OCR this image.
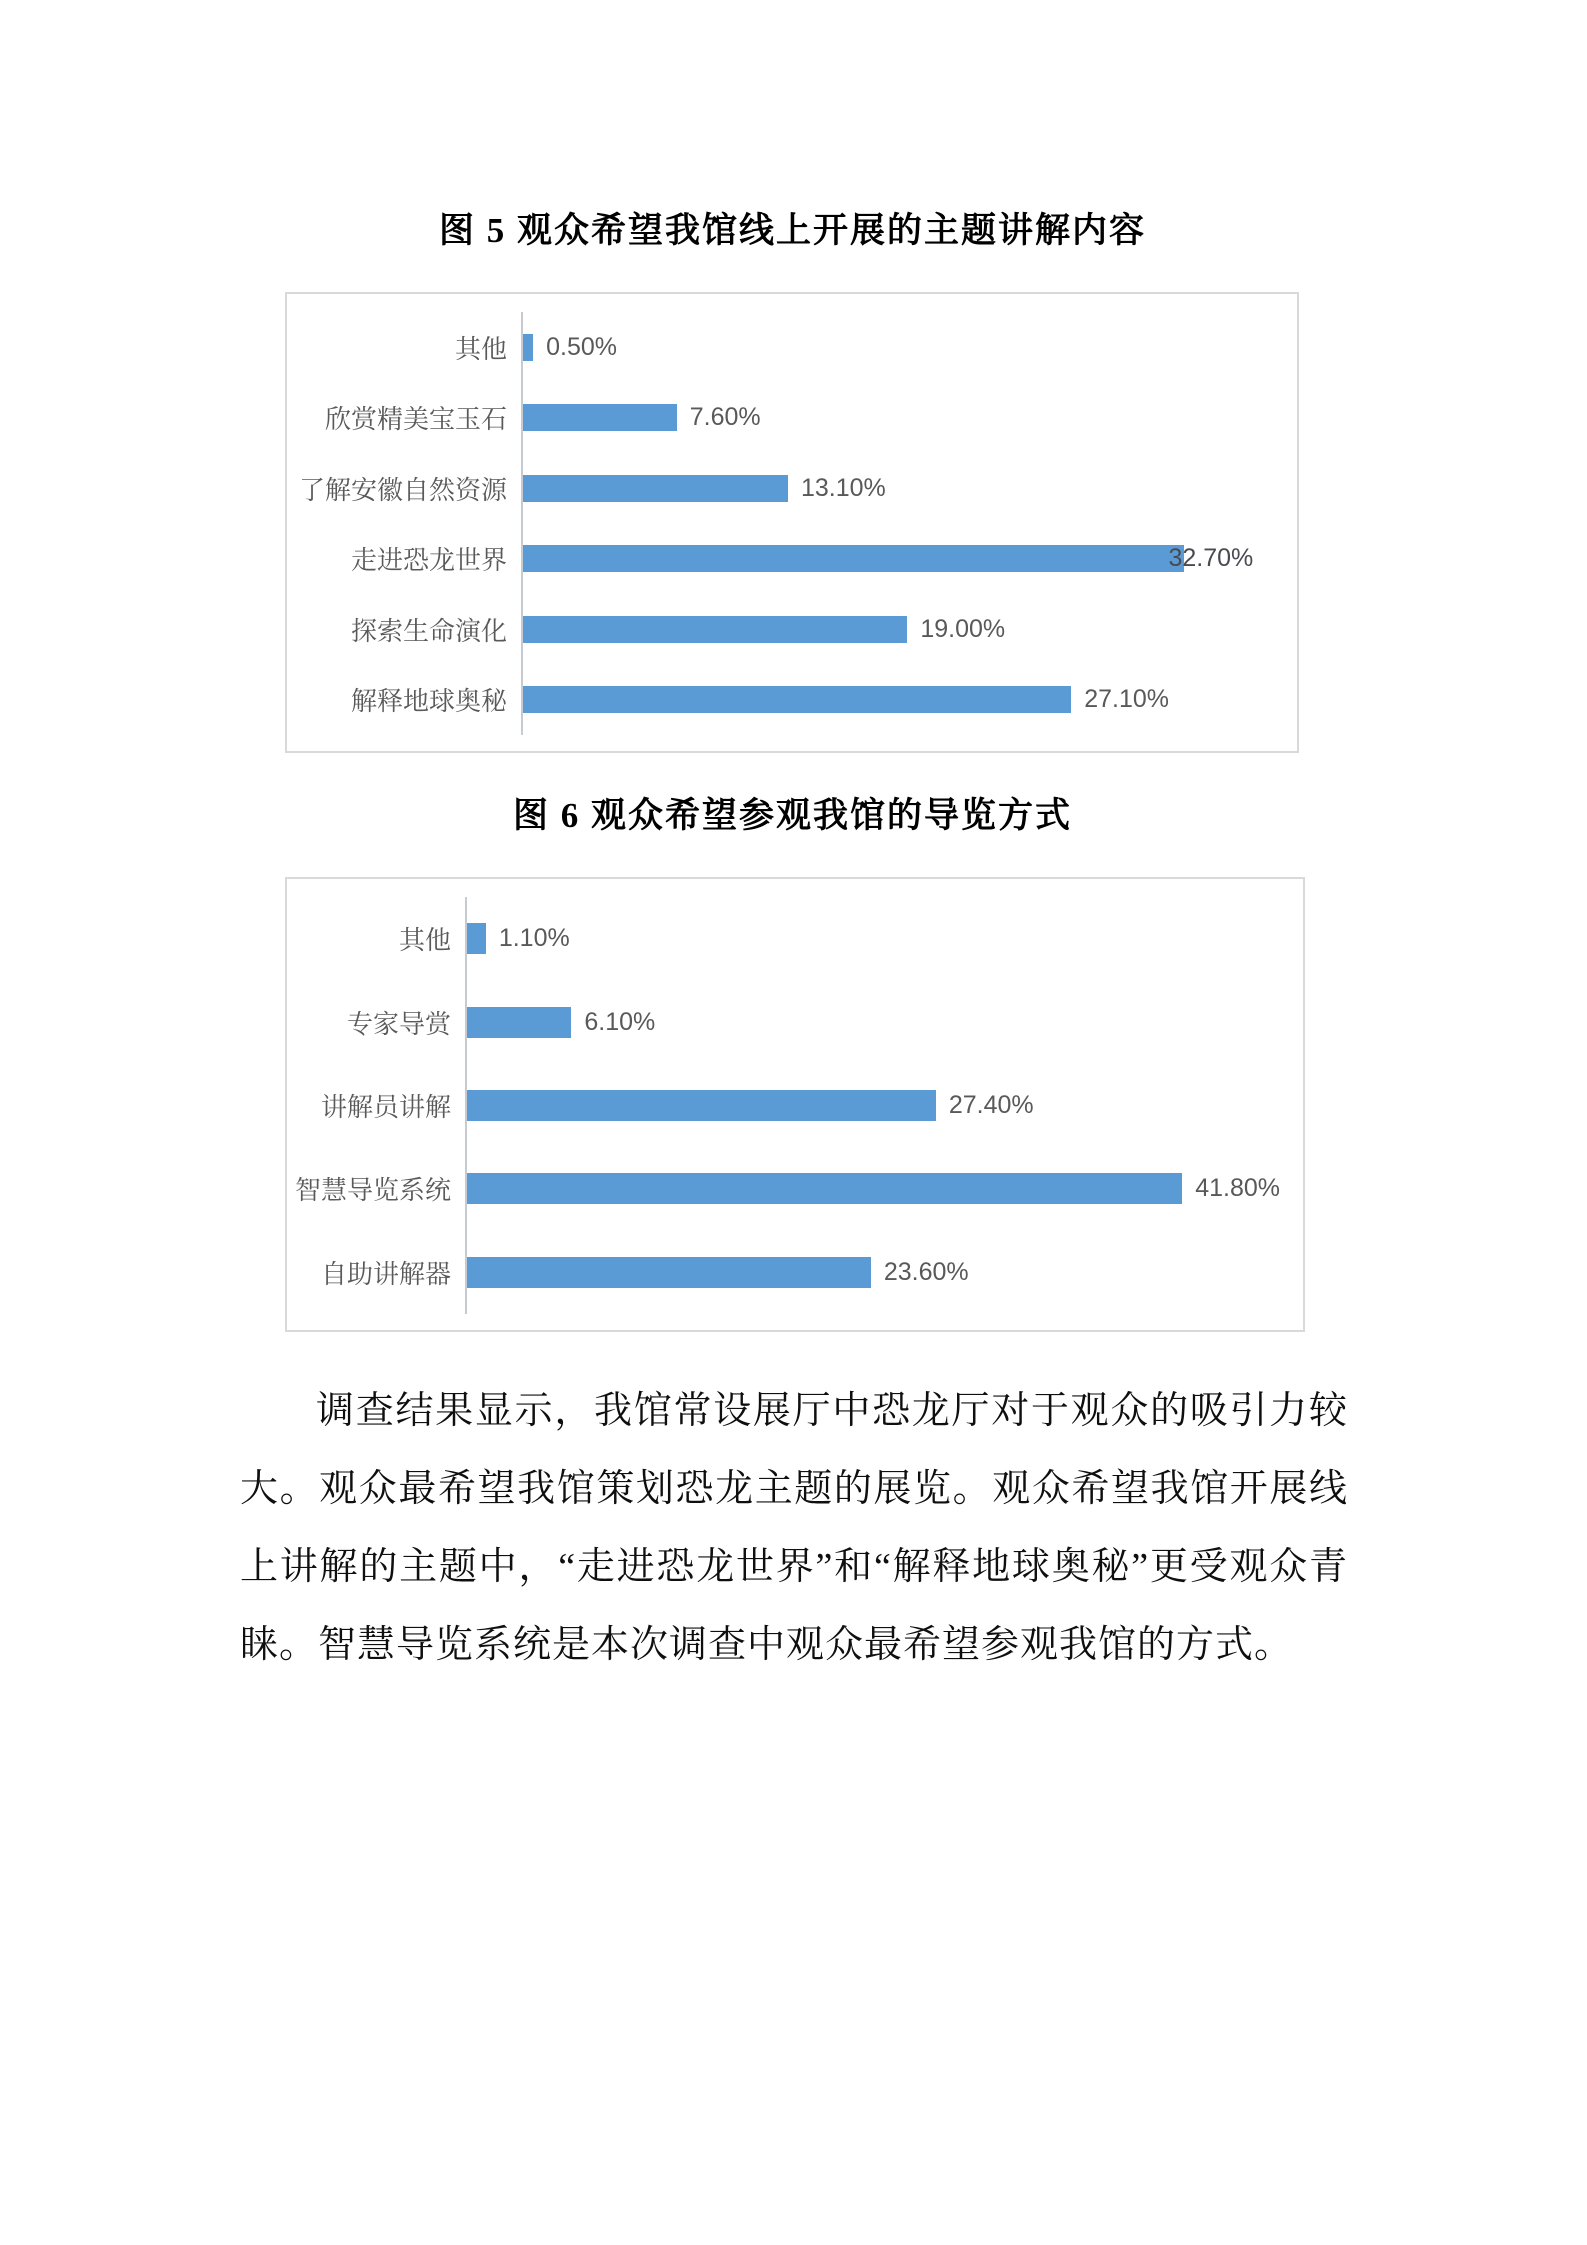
图 5 观众希望我馆线上开展的主题讲解内容
其他	0.50%
欣赏精美宝玉石	7.60%
了解安徽自然资源	13.10%
走进恐龙世界	32.70%
探索生命演化	19.00%
解释地球奥秘	27.10%
图 6 观众希望参观我馆的导览方式
其他	1.10%
专家导赏	6.10%
讲解员讲解	27.40%
智慧导览系统	41.80%
自助讲解器	23.60%

调查结果显示，我馆常设展厅中恐龙厅对于观众的吸引力较大。观众最希望我馆策划恐龙主题的展览。观众希望我馆开展线上讲解的主题中，“走进恐龙世界”和“解释地球奥秘”更受观众青睐。智慧导览系统是本次调查中观众最希望参观我馆的方式。
